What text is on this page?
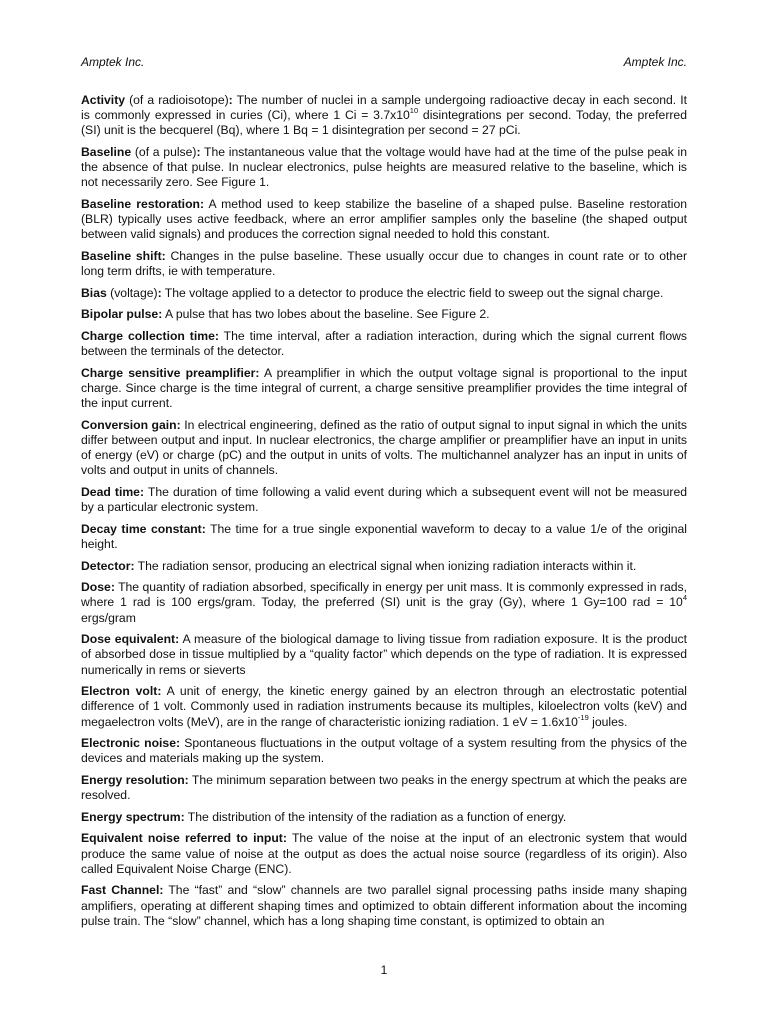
Amptek Inc.	Amptek Inc.

Activity (of a radioisotope): The number of nuclei in a sample undergoing radioactive decay in each second. It is commonly expressed in curies (Ci), where 1 $Ci = 3.7x10^{10}$ disintegrations per second. Today, the preferred (SI) unit is the becquerel (Bq), where 1 Bq = 1 disintegration per second = 27 pCi.

Baseline (of a pulse): The instantaneous value that the voltage would have had at the time of the pulse peak in the absence of that pulse. In nuclear electronics, pulse heights are measured relative to the baseline, which is not necessarily zero. See Figure 1.

Baseline restoration: A method used to keep stabilize the baseline of a shaped pulse. Baseline restoration (BLR) typically uses active feedback, where an error amplifier samples only the baseline (the shaped output between valid signals) and produces the correction signal needed to hold this constant.

Baseline shift: Changes in the pulse baseline. These usually occur due to changes in count rate or to other long term drifts, ie with temperature.

Bias (voltage): The voltage applied to a detector to produce the electric field to sweep out the signal charge.

Bipolar pulse: A pulse that has two lobes about the baseline. See Figure 2.

Charge collection time: The time interval, after a radiation interaction, during which the signal current flows between the terminals of the detector.

Charge sensitive preamplifier: A preamplifier in which the output voltage signal is proportional to the input charge. Since charge is the time integral of current, a charge sensitive preamplifier provides the time integral of the input current.

Conversion gain: In electrical engineering, defined as the ratio of output signal to input signal in which the units differ between output and input. In nuclear electronics, the charge amplifier or preamplifier have an input in units of energy (eV) or charge (pC) and the output in units of volts. The multichannel analyzer has an input in units of volts and output in units of channels.

Dead time: The duration of time following a valid event during which a subsequent event will not be measured by a particular electronic system.

Decay time constant: The time for a true single exponential waveform to decay to a value 1/e of the original height.

Detector: The radiation sensor, producing an electrical signal when ionizing radiation interacts within it.

Dose: The quantity of radiation absorbed, specifically in energy per unit mass. It is commonly expressed in rads, where 1 rad is 100 ergs/gram. Today, the preferred (SI) unit is the gray (Gy), where 1 Gy=100 rad = $10^4$ ergs/gram

Dose equivalent: A measure of the biological damage to living tissue from radiation exposure. It is the product of absorbed dose in tissue multiplied by a “quality factor” which depends on the type of radiation. It is expressed numerically in rems or sieverts

Electron volt: A unit of energy, the kinetic energy gained by an electron through an electrostatic potential difference of 1 volt. Commonly used in radiation instruments because its multiples, kiloelectron volts (keV) and megaelectron volts (MeV), are in the range of characteristic ionizing radiation. 1 eV = $1.6x10^{-19}$ joules.

Electronic noise: Spontaneous fluctuations in the output voltage of a system resulting from the physics of the devices and materials making up the system.

Energy resolution: The minimum separation between two peaks in the energy spectrum at which the peaks are resolved.

Energy spectrum: The distribution of the intensity of the radiation as a function of energy.

Equivalent noise referred to input: The value of the noise at the input of an electronic system that would produce the same value of noise at the output as does the actual noise source (regardless of its origin). Also called Equivalent Noise Charge (ENC).

Fast Channel: The “fast” and “slow” channels are two parallel signal processing paths inside many shaping amplifiers, operating at different shaping times and optimized to obtain different information about the incoming pulse train. The “slow” channel, which has a long shaping time constant, is optimized to obtain an

1
